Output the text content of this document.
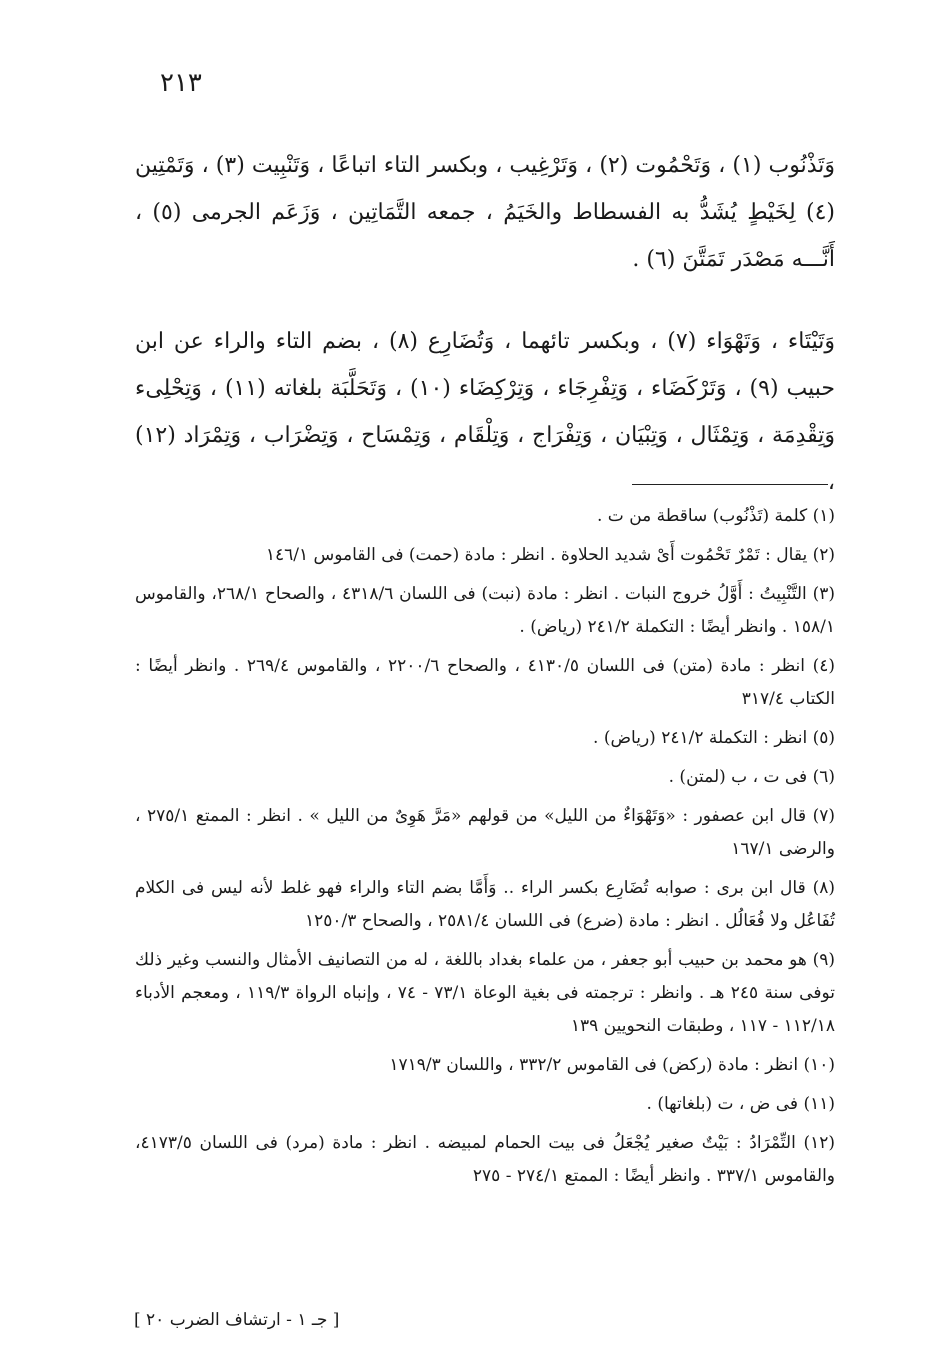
٢١٣

وَتَذْنُوب (١) ، وَتَحْمُوت (٢) ، وَتَرْغِيب ، وبكسر التاء اتباعًا ، وَتَنْبِيت (٣) ، وَتَمْتِين (٤) لِخَيْطٍ يُشَدُّ به الفسطاط والخَيَمُ ، جمعه التَّمَاتِين ، وَزَعَم الجرمى (٥) ، أَنَّـــه مَصْدَر تَمَتَّنَ (٦) .

وَتَيْتَاء ، وَتَهْوَاء (٧) ، وبكسر تائهما ، وَتُضَارِع (٨) ، بضم التاء والراء عن ابن حبيب (٩) ، وَتَرْكَضَاء ، وَتِفْرِجَاء ، وَتِرْكِضَاء (١٠) ، وَتَحَلَّبَة بلغاته (١١) ، وَتِحْلِىء وَتِقْدِمَة ، وَتِمْثَال ، وَتِبْيَان ، وَتِفْرَاج ، وَتِلْقَام ، وَتِمْسَاح ، وَتِضْرَاب ، وَتِمْرَاد (١٢) ،

(١) كلمة (تَذْنُوب) ساقطة من ت .

(٢) يقال : تَمْرٌ تَحْمُوت أَىْ شديد الحلاوة . انظر : مادة (حمت) فى القاموس ١٤٦/١

(٣) التَّنْبِيتُ : أَوَّلُ خروج النبات . انظر : مادة (نبت) فى اللسان ٤٣١٨/٦ ، والصحاح ٢٦٨/١، والقاموس ١٥٨/١ . وانظر أيضًا : التكملة ٢٤١/٢ (رياض) .

(٤) انظر : مادة (متن) فى اللسان ٤١٣٠/٥ ، والصحاح ٢٢٠٠/٦ ، والقاموس ٢٦٩/٤ . وانظر أيضًا : الكتاب ٣١٧/٤

(٥) انظر : التكملة ٢٤١/٢ (رياض) .

(٦) فى ت ، ب (لمتن) .

(٧) قال ابن عصفور : «وَتَهْوَاءٌ من الليل» من قولهم «مَرَّ هَوِىٌ من الليل » . انظر : الممتع ٢٧٥/١ ، والرضى ١٦٧/١

(٨) قال ابن برى : صوابه تُضَارِع بكسر الراء .. وَأَمَّا بضم التاء والراء فهو غلط لأنه ليس فى الكلام تُفَاعُل ولا فُعَالُل . انظر : مادة (ضرع) فى اللسان ٢٥٨١/٤ ، والصحاح ١٢٥٠/٣

(٩) هو محمد بن حبيب أبو جعفر ، من علماء بغداد باللغة ، له من التصانيف الأمثال والنسب وغير ذلك توفى سنة ٢٤٥ هـ . وانظر : ترجمته فى بغية الوعاة ٧٣/١ - ٧٤ ، وإنباه الرواة ١١٩/٣ ، ومعجم الأدباء ١١٢/١٨ - ١١٧ ، وطبقات النحويين ١٣٩

(١٠) انظر : مادة (ركض) فى القاموس ٣٣٢/٢ ، واللسان ١٧١٩/٣

(١١) فى ض ، ت (بلغاتها) .

(١٢) التِّمْرَادُ : بَيْتٌ صغير يُجْعَلُ فى بيت الحمام لمبيضه . انظر : مادة (مرد) فى اللسان ٤١٧٣/٥، والقاموس ٣٣٧/١ . وانظر أيضًا : الممتع ٢٧٤/١ - ٢٧٥

[ جـ ١ - ارتشاف الضرب ٢٠ ]
